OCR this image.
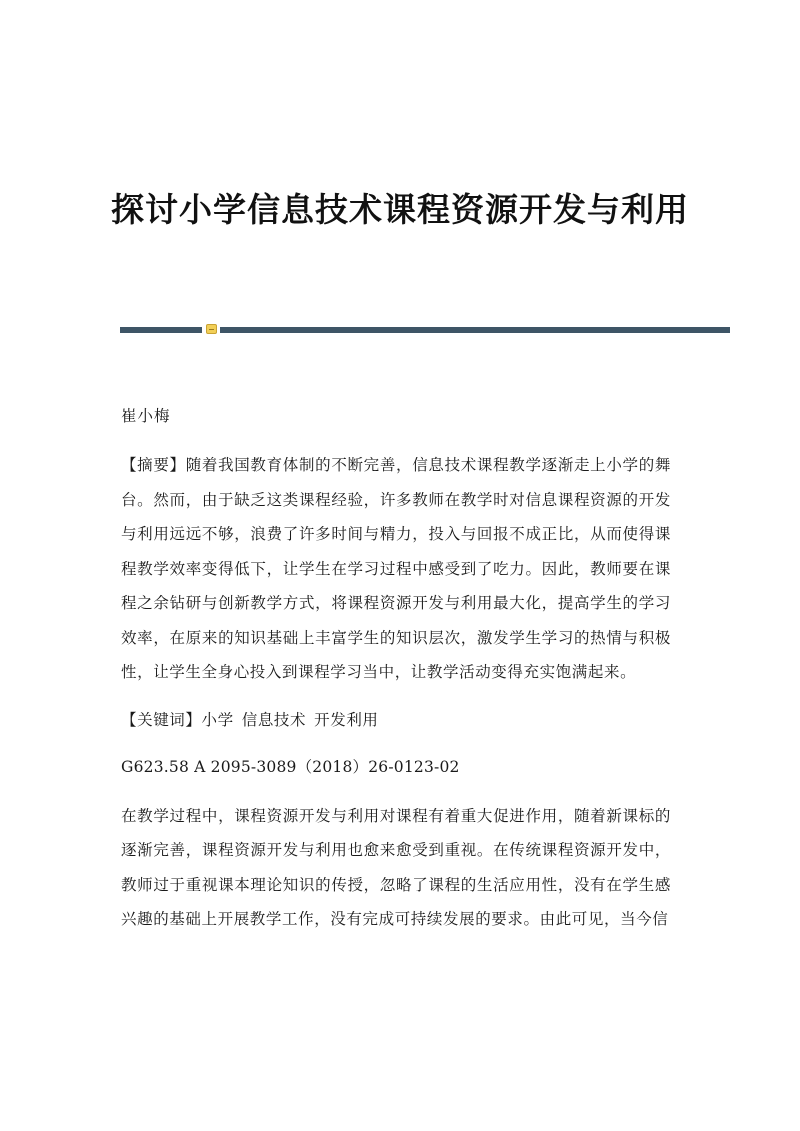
探讨小学信息技术课程资源开发与利用

崔小梅

【摘要】随着我国教育体制的不断完善，信息技术课程教学逐渐走上小学的舞台。然而，由于缺乏这类课程经验，许多教师在教学时对信息课程资源的开发与利用远远不够，浪费了许多时间与精力，投入与回报不成正比，从而使得课程教学效率变得低下，让学生在学习过程中感受到了吃力。因此，教师要在课程之余钻研与创新教学方式，将课程资源开发与利用最大化，提高学生的学习效率，在原来的知识基础上丰富学生的知识层次，激发学生学习的热情与积极性，让学生全身心投入到课程学习当中，让教学活动变得充实饱满起来。

【关键词】小学 信息技术 开发利用

G623.58 A 2095-3089（2018）26-0123-02

在教学过程中，课程资源开发与利用对课程有着重大促进作用，随着新课标的逐渐完善，课程资源开发与利用也愈来愈受到重视。在传统课程资源开发中，教师过于重视课本理论知识的传授，忽略了课程的生活应用性，没有在学生感兴趣的基础上开展教学工作，没有完成可持续发展的要求。由此可见，当今信
